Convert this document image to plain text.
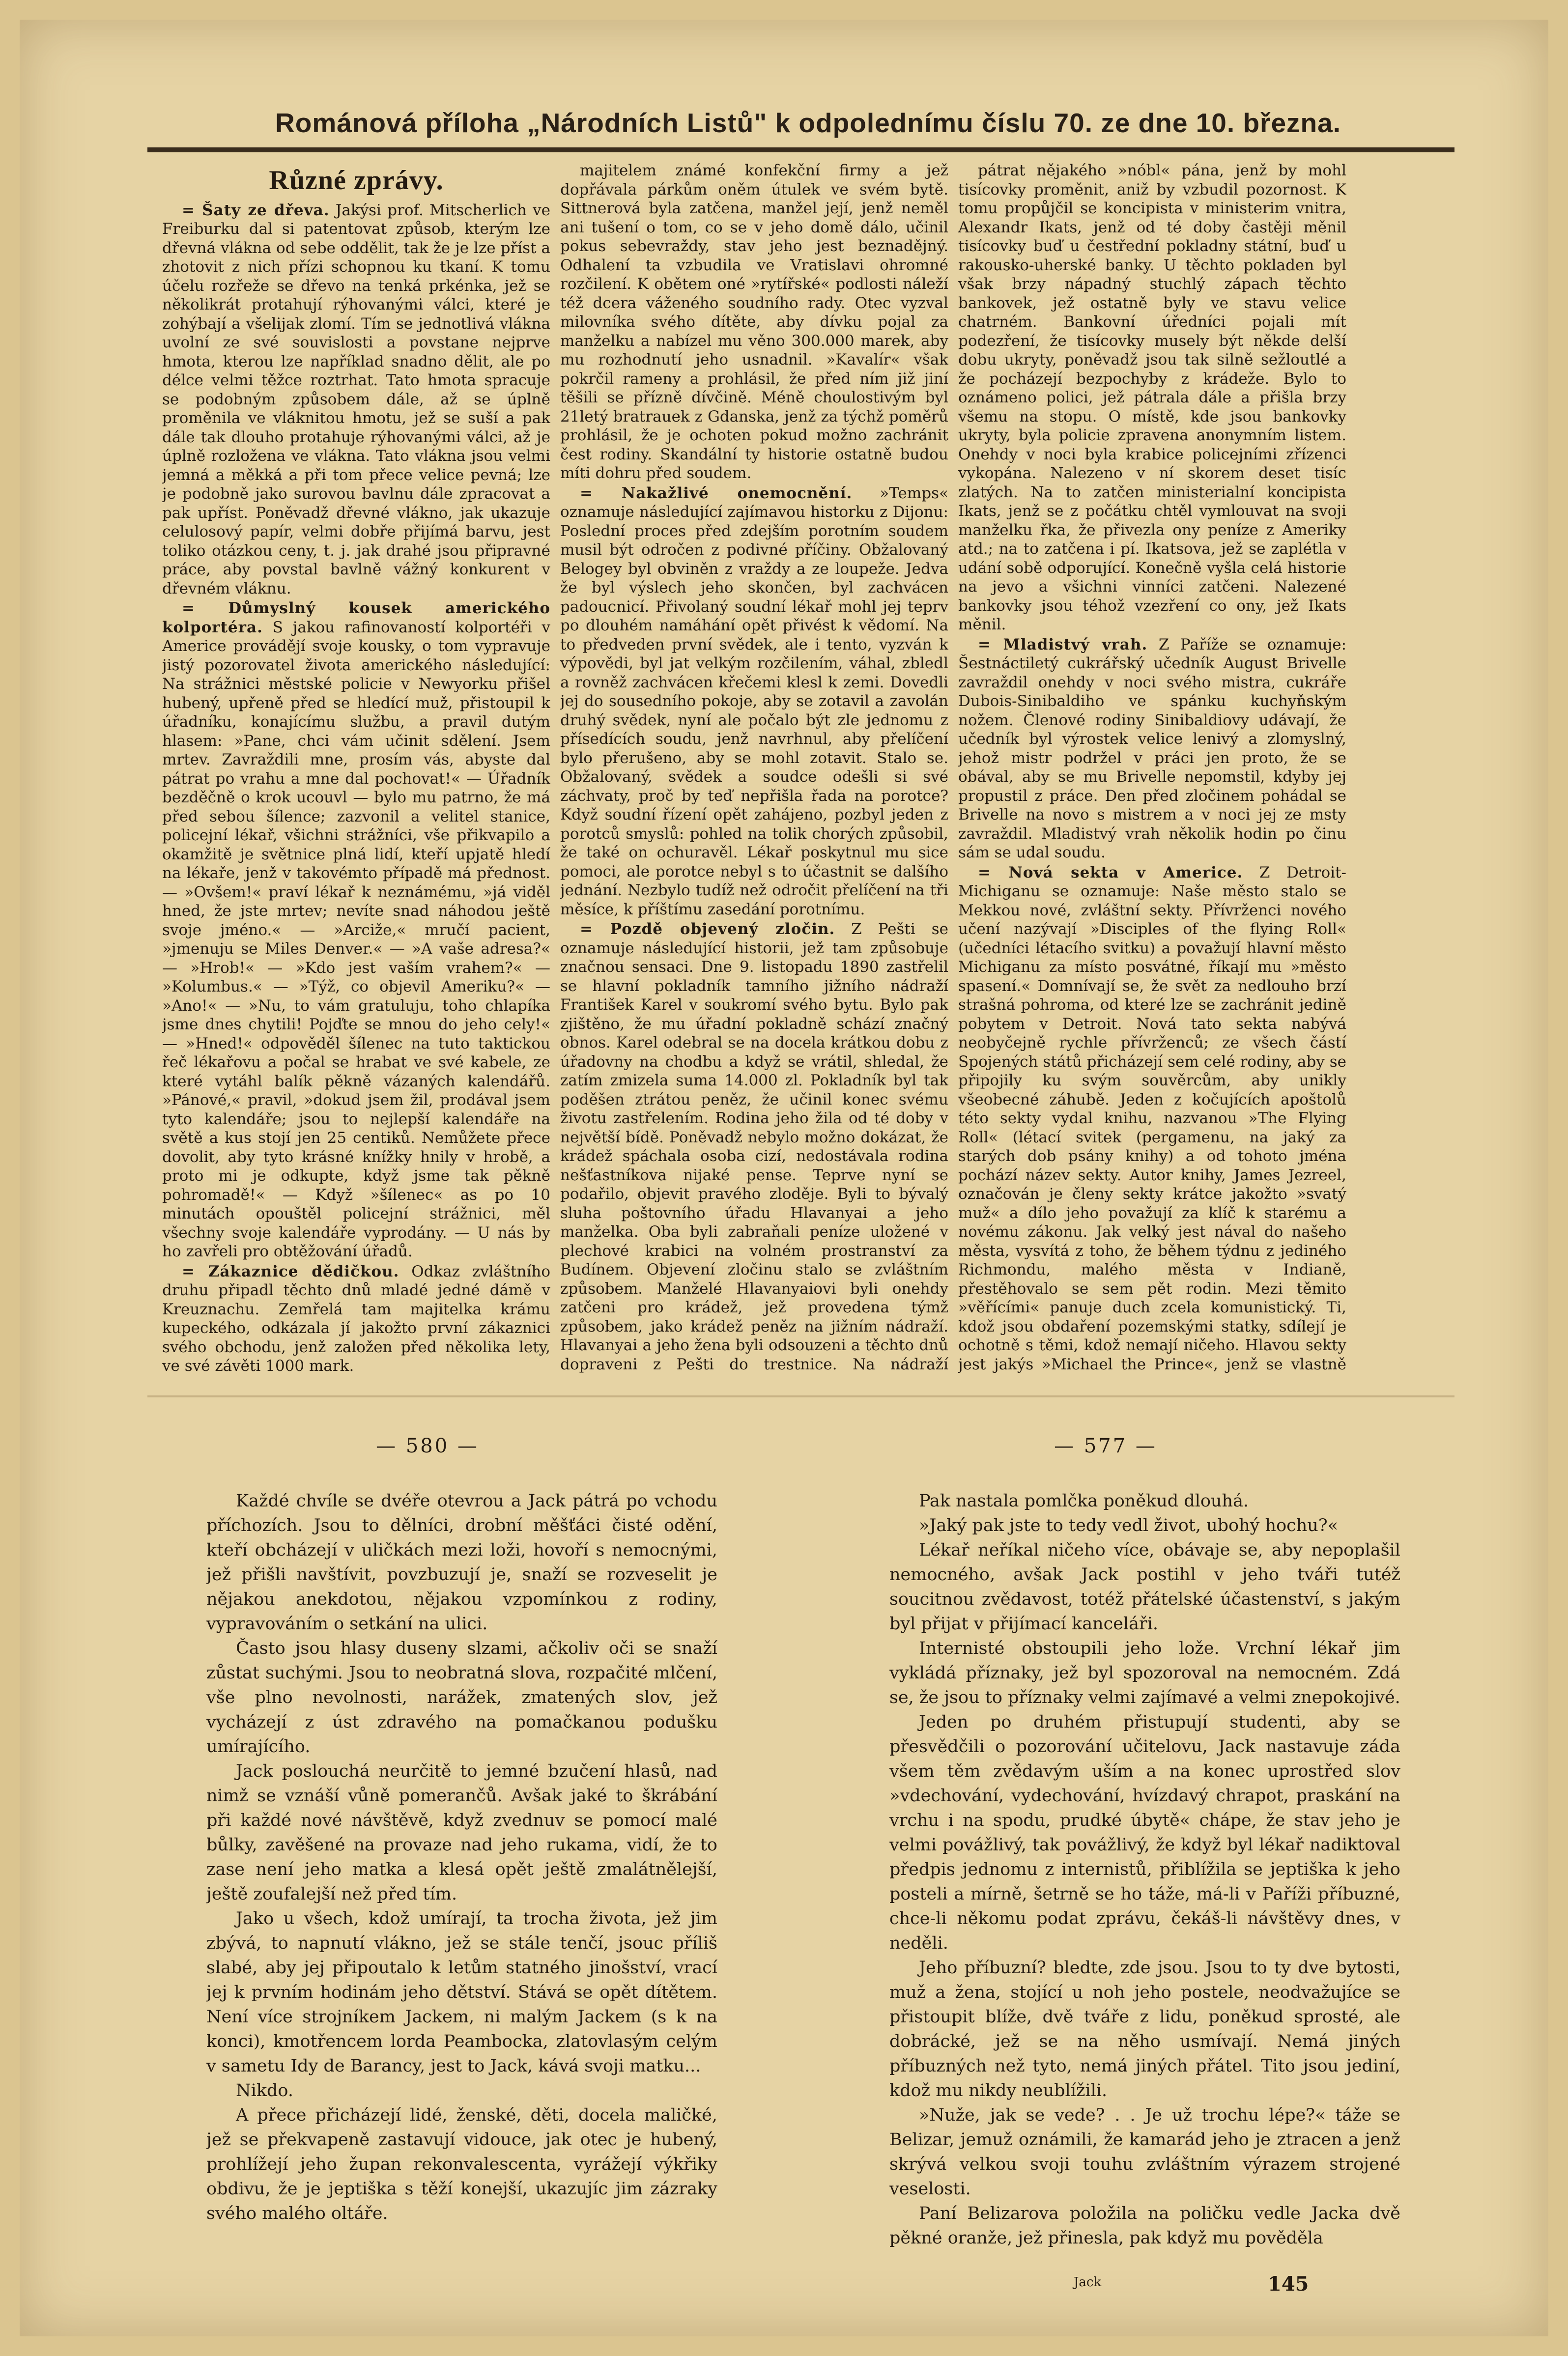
Románová příloha „Národních Listů" k odpolednímu číslu 70. ze dne 10. března.
Různé zprávy.

= Šaty ze dřeva. Jakýsi prof. Mitscherlich ve Freiburku dal si patentovat způsob, kterým lze dřevná vlákna od sebe oddělit, tak že je lze příst a zhotovit z nich přízi schopnou ku tkaní. K tomu účelu rozřeže se dřevo na tenká prkénka, jež se několikrát protahují rýhovanými válci, které je zohýbají a všelijak zlomí. Tím se jednotlivá vlákna uvolní ze své souvislosti a povstane nejprve hmota, kterou lze například snadno dělit, ale po délce velmi těžce roztrhat. Tato hmota spracuje se podobným způsobem dále, až se úplně proměnila ve vláknitou hmotu, jež se suší a pak dále tak dlouho protahuje rýhovanými válci, až je úplně rozložena ve vlákna. Tato vlákna jsou velmi jemná a měkká a při tom přece velice pevná; lze je podobně jako surovou bavlnu dále zpracovat a pak upříst. Poněvadž dřevné vlákno, jak ukazuje celulosový papír, velmi dobře přijímá barvu, jest toliko otázkou ceny, t. j. jak drahé jsou připravné práce, aby povstal bavlně vážný konkurent v dřevném vláknu.

= Důmyslný kousek amerického kolportéra. S jakou rafinovaností kolportéři v Americe provádějí svoje kousky, o tom vypravuje jistý pozorovatel života amerického následující: Na strážnici městské policie v Newyorku přišel hubený, upřeně před se hledící muž, přistoupil k úřadníku, konajícímu službu, a pravil dutým hlasem: »Pane, chci vám učinit sdělení. Jsem mrtev. Zavraždili mne, prosím vás, abyste dal pátrat po vrahu a mne dal pochovat!« — Úřadník bezděčně o krok ucouvl — bylo mu patrno, že má před sebou šílence; zazvonil a velitel stanice, policejní lékař, všichni strážníci, vše přikvapilo a okamžitě je světnice plná lidí, kteří upjatě hledí na lékaře, jenž v takovémto případě má přednost. — »Ovšem!« praví lékař k neznámému, »já viděl hned, že jste mrtev; nevíte snad náhodou ještě svoje jméno.« — »Arciže,« mručí pacient, »jmenuju se Miles Denver.« — »A vaše adresa?« — »Hrob!« — »Kdo jest vaším vrahem?« — »Kolumbus.« — »Týž, co objevil Ameriku?« — »Ano!« — »Nu, to vám gratuluju, toho chlapíka jsme dnes chytili! Pojďte se mnou do jeho cely!« — »Hned!« odpověděl šílenec na tuto taktickou řeč lékařovu a počal se hrabat ve své kabele, ze které vytáhl balík pěkně vázaných kalendářů. »Pánové,« pravil, »dokud jsem žil, prodával jsem tyto kalendáře; jsou to nejlepší kalendáře na světě a kus stojí jen 25 centiků. Nemůžete přece dovolit, aby tyto krásné knížky hnily v hrobě, a proto mi je odkupte, když jsme tak pěkně pohromadě!« — Když »šílenec« as po 10 minutách opouštěl policejní strážnici, měl všechny svoje kalendáře vyprodány. — U nás by ho zavřeli pro obtěžování úřadů.

= Zákaznice dědičkou. Odkaz zvláštního druhu připadl těchto dnů mladé jedné dámě v Kreuznachu. Zemřelá tam majitelka krámu kupeckého, odkázala jí jakožto první zákaznici svého obchodu, jenž založen před několika lety, ve své závěti 1000 mark.

majitelem známé konfekční firmy a jež dopřávala párkům oněm útulek ve svém bytě. Sittnerová byla zatčena, manžel její, jenž neměl ani tušení o tom, co se v jeho domě dálo, učinil pokus sebevraždy, stav jeho jest beznadějný. Odhalení ta vzbudila ve Vratislavi ohromné rozčilení. K obětem oné »rytířské« podlosti náleží též dcera váženého soudního rady. Otec vyzval milovníka svého dítěte, aby dívku pojal za manželku a nabízel mu věno 300.000 marek, aby mu rozhodnutí jeho usnadnil. »Kavalír« však pokrčil rameny a prohlásil, že před ním již jiní těšili se přízně dívčině. Méně choulostivým byl 21letý bratrauek z Gdanska, jenž za týchž poměrů prohlásil, že je ochoten pokud možno zachránit čest rodiny. Skandální ty historie ostatně budou míti dohru před soudem.

= Nakažlivé onemocnění. »Temps« oznamuje následující zajímavou historku z Dijonu: Poslední proces před zdejším porotním soudem musil být odročen z podivné příčiny. Obžalovaný Belogey byl obviněn z vraždy a ze loupeže. Jedva že byl výslech jeho skončen, byl zachvácen padoucnicí. Přivolaný soudní lékař mohl jej teprv po dlouhém namáhání opět přivést k vědomí. Na to předveden první svědek, ale i tento, vyzván k výpovědi, byl jat velkým rozčilením, váhal, zbledl a rovněž zachvácen křečemi klesl k zemi. Dovedli jej do sousedního pokoje, aby se zotavil a zavolán druhý svědek, nyní ale počalo být zle jednomu z přísedících soudu, jenž navrhnul, aby přelíčení bylo přerušeno, aby se mohl zotavit. Stalo se. Obžalovaný, svědek a soudce odešli si své záchvaty, proč by teď nepřišla řada na porotce? Když soudní řízení opět zahájeno, pozbyl jeden z porotců smyslů: pohled na tolik chorých způsobil, že také on ochuravěl. Lékař poskytnul mu sice pomoci, ale porotce nebyl s to účastnit se dalšího jednání. Nezbylo tudíž než odročit přelíčení na tři měsíce, k příštímu zasedání porotnímu.

= Pozdě objevený zločin. Z Pešti se oznamuje následující historii, jež tam způsobuje značnou sensaci. Dne 9. listopadu 1890 zastřelil se hlavní pokladník tamního jižního nádraží František Karel v soukromí svého bytu. Bylo pak zjištěno, že mu úřadní pokladně schází značný obnos. Karel odebral se na docela krátkou dobu z úřadovny na chodbu a když se vrátil, shledal, že zatím zmizela suma 14.000 zl. Pokladník byl tak poděšen ztrátou peněz, že učinil konec svému životu zastřelením. Rodina jeho žila od té doby v největší bídě. Poněvadž nebylo možno dokázat, že krádež spáchala osoba cizí, nedostávala rodina nešťastníkova nijaké pense. Teprve nyní se podařilo, objevit pravého zloděje. Byli to bývalý sluha poštovního úřadu Hlavanyai a jeho manželka. Oba byli zabraňali peníze uložené v plechové krabici na volném prostranství za Budínem. Objevení zločinu stalo se zvláštním způsobem. Manželé Hlavanyaiovi byli onehdy zatčeni pro krádež, jež provedena týmž způsobem, jako krádež peněz na jižním nádraží. Hlavanyai a jeho žena byli odsouzeni a těchto dnů dopraveni z Pešti do trestnice. Na nádraží

pátrat nějakého »nóbl« pána, jenž by mohl tisícovky proměnit, aniž by vzbudil pozornost. K tomu propůjčil se koncipista v ministerim vnitra, Alexandr Ikats, jenž od té doby častěji měnil tisícovky buď u čestřední pokladny státní, buď u rakousko-uherské banky. U těchto pokladen byl však brzy nápadný stuchlý zápach těchto bankovek, jež ostatně byly ve stavu velice chatrném. Bankovní úředníci pojali mít podezření, že tisícovky musely být někde delší dobu ukryty, poněvadž jsou tak silně sežloutlé a že pocházejí bezpochyby z krádeže. Bylo to oznámeno polici, jež pátrala dále a přišla brzy všemu na stopu. O místě, kde jsou bankovky ukryty, byla policie zpravena anonymním listem. Onehdy v noci byla krabice policejními zřízenci vykopána. Nalezeno v ní skorem deset tisíc zlatých. Na to zatčen ministerialní koncipista Ikats, jenž se z počátku chtěl vymlouvat na svoji manželku řka, že přivezla ony peníze z Ameriky atd.; na to zatčena i pí. Ikatsova, jež se zaplétla v udání sobě odporující. Konečně vyšla celá historie na jevo a všichni vinníci zatčeni. Nalezené bankovky jsou téhož vzezření co ony, jež Ikats měnil.

= Mladistvý vrah. Z Paříže se oznamuje: Šestnáctiletý cukrářský učedník August Brivelle zavraždil onehdy v noci svého mistra, cukráře Dubois-Sinibaldiho ve spánku kuchyňským nožem. Členové rodiny Sinibaldiovy udávají, že učedník byl výrostek velice lenivý a zlomyslný, jehož mistr podržel v práci jen proto, že se obával, aby se mu Brivelle nepomstil, kdyby jej propustil z práce. Den před zločinem pohádal se Brivelle na novo s mistrem a v noci jej ze msty zavraždil. Mladistvý vrah několik hodin po činu sám se udal soudu.

= Nová sekta v Americe. Z Detroit-Michiganu se oznamuje: Naše město stalo se Mekkou nové, zvláštní sekty. Přívrženci nového učení nazývají »Disciples of the flying Roll« (učedníci létacího svitku) a považují hlavní město Michiganu za místo posvátné, říkají mu »město spasení.« Domnívají se, že svět za nedlouho brzí strašná pohroma, od které lze se zachránit jedině pobytem v Detroit. Nová tato sekta nabývá neobyčejně rychle přívrženců; ze všech částí Spojených států přicházejí sem celé rodiny, aby se připojily ku svým souvěrcům, aby unikly všeobecné záhubě. Jeden z kočujících apoštolů této sekty vydal knihu, nazvanou »The Flying Roll« (létací svitek (pergamenu, na jaký za starých dob psány knihy) a od tohoto jména pochází název sekty. Autor knihy, James Jezreel, označován je členy sekty krátce jakožto »svatý muž« a dílo jeho považují za klíč k starému a novému zákonu. Jak velký jest nával do našeho města, vysvítá z toho, že během týdnu z jediného Richmondu, malého města v Indianě, přestěhovalo se sem pět rodin. Mezi těmito »věřícími« panuje duch zcela komunistický. Ti, kdož jsou obdaření pozemskými statky, sdílejí je ochotně s těmi, kdož nemají ničeho. Hlavou sekty jest jakýs »Michael the Prince«, jenž se vlastně

— 580 —	— 577 —

Každé chvíle se dvéře otevrou a Jack pátrá po vchodu příchozích. Jsou to dělníci, drobní měšťáci čisté odění, kteří obcházejí v uličkách mezi loži, hovoří s nemocnými, jež přišli navštívit, povzbuzují je, snaží se rozveselit je nějakou anekdotou, nějakou vzpomínkou z rodiny, vypravováním o setkání na ulici.

Často jsou hlasy duseny slzami, ačkoliv oči se snaží zůstat suchými. Jsou to neobratná slova, rozpačité mlčení, vše plno nevolnosti, narážek, zmatených slov, jež vycházejí z úst zdravého na pomačkanou podušku umírajícího.

Jack poslouchá neurčitě to jemné bzučení hlasů, nad nimž se vznáší vůně pomerančů. Avšak jaké to škrábání při každé nové návštěvě, když zvednuv se pomocí malé bůlky, zavěšené na provaze nad jeho rukama, vidí, že to zase není jeho matka a klesá opět ještě zmalátnělejší, ještě zoufalejší než před tím.

Jako u všech, kdož umírají, ta trocha života, jež jim zbývá, to napnutí vlákno, jež se stále tenčí, jsouc příliš slabé, aby jej připoutalo k letům statného jinošství, vrací jej k prvním hodinám jeho dětství. Stává se opět dítětem. Není více strojníkem Jackem, ni malým Jackem (s k na konci), kmotřencem lorda Peambocka, zlatovlasým celým v sametu Idy de Barancy, jest to Jack, kává svoji matku...

Nikdo.

A přece přicházejí lidé, ženské, děti, docela maličké, jež se překvapeně zastavují vidouce, jak otec je hubený, prohlížejí jeho župan rekonvalescenta, vyrážejí výkřiky obdivu, že je jeptiška s těží konejší, ukazujíc jim zázraky svého malého oltáře.

Pak nastala pomlčka poněkud dlouhá.

»Jaký pak jste to tedy vedl život, ubohý hochu?«

Lékař neříkal ničeho více, obávaje se, aby nepoplašil nemocného, avšak Jack postihl v jeho tváři tutéž soucitnou zvědavost, totéž přátelské účastenství, s jakým byl přijat v přijímací kanceláři.

Internisté obstoupili jeho lože. Vrchní lékař jim vykládá příznaky, jež byl spozoroval na nemocném. Zdá se, že jsou to příznaky velmi zajímavé a velmi znepokojivé.

Jeden po druhém přistupují studenti, aby se přesvědčili o pozorování učitelovu, Jack nastavuje záda všem těm zvědavým uším a na konec uprostřed slov »vdechování, vydechování, hvízdavý chrapot, praskání na vrchu i na spodu, prudké úbytě« chápe, že stav jeho je velmi povážlivý, tak povážlivý, že když byl lékař nadiktoval předpis jednomu z internistů, přiblížila se jeptiška k jeho posteli a mírně, šetrně se ho táže, má-li v Paříži příbuzné, chce-li někomu podat zprávu, čekáš-li návštěvy dnes, v neděli.

Jeho příbuzní? bledte, zde jsou. Jsou to ty dve bytosti, muž a žena, stojící u noh jeho postele, neodvažujíce se přistoupit blíže, dvě tváře z lidu, poněkud sprosté, ale dobrácké, jež se na něho usmívají. Nemá jiných příbuzných než tyto, nemá jiných přátel. Tito jsou jediní, kdož mu nikdy neublížili.

»Nuže, jak se vede? . . Je už trochu lépe?« táže se Belizar, jemuž oznámili, že kamarád jeho je ztracen a jenž skrývá velkou svoji touhu zvláštním výrazem strojené veselosti.

Paní Belizarova položila na poličku vedle Jacka dvě pěkné oranže, jež přinesla, pak když mu pověděla

Jack	145
